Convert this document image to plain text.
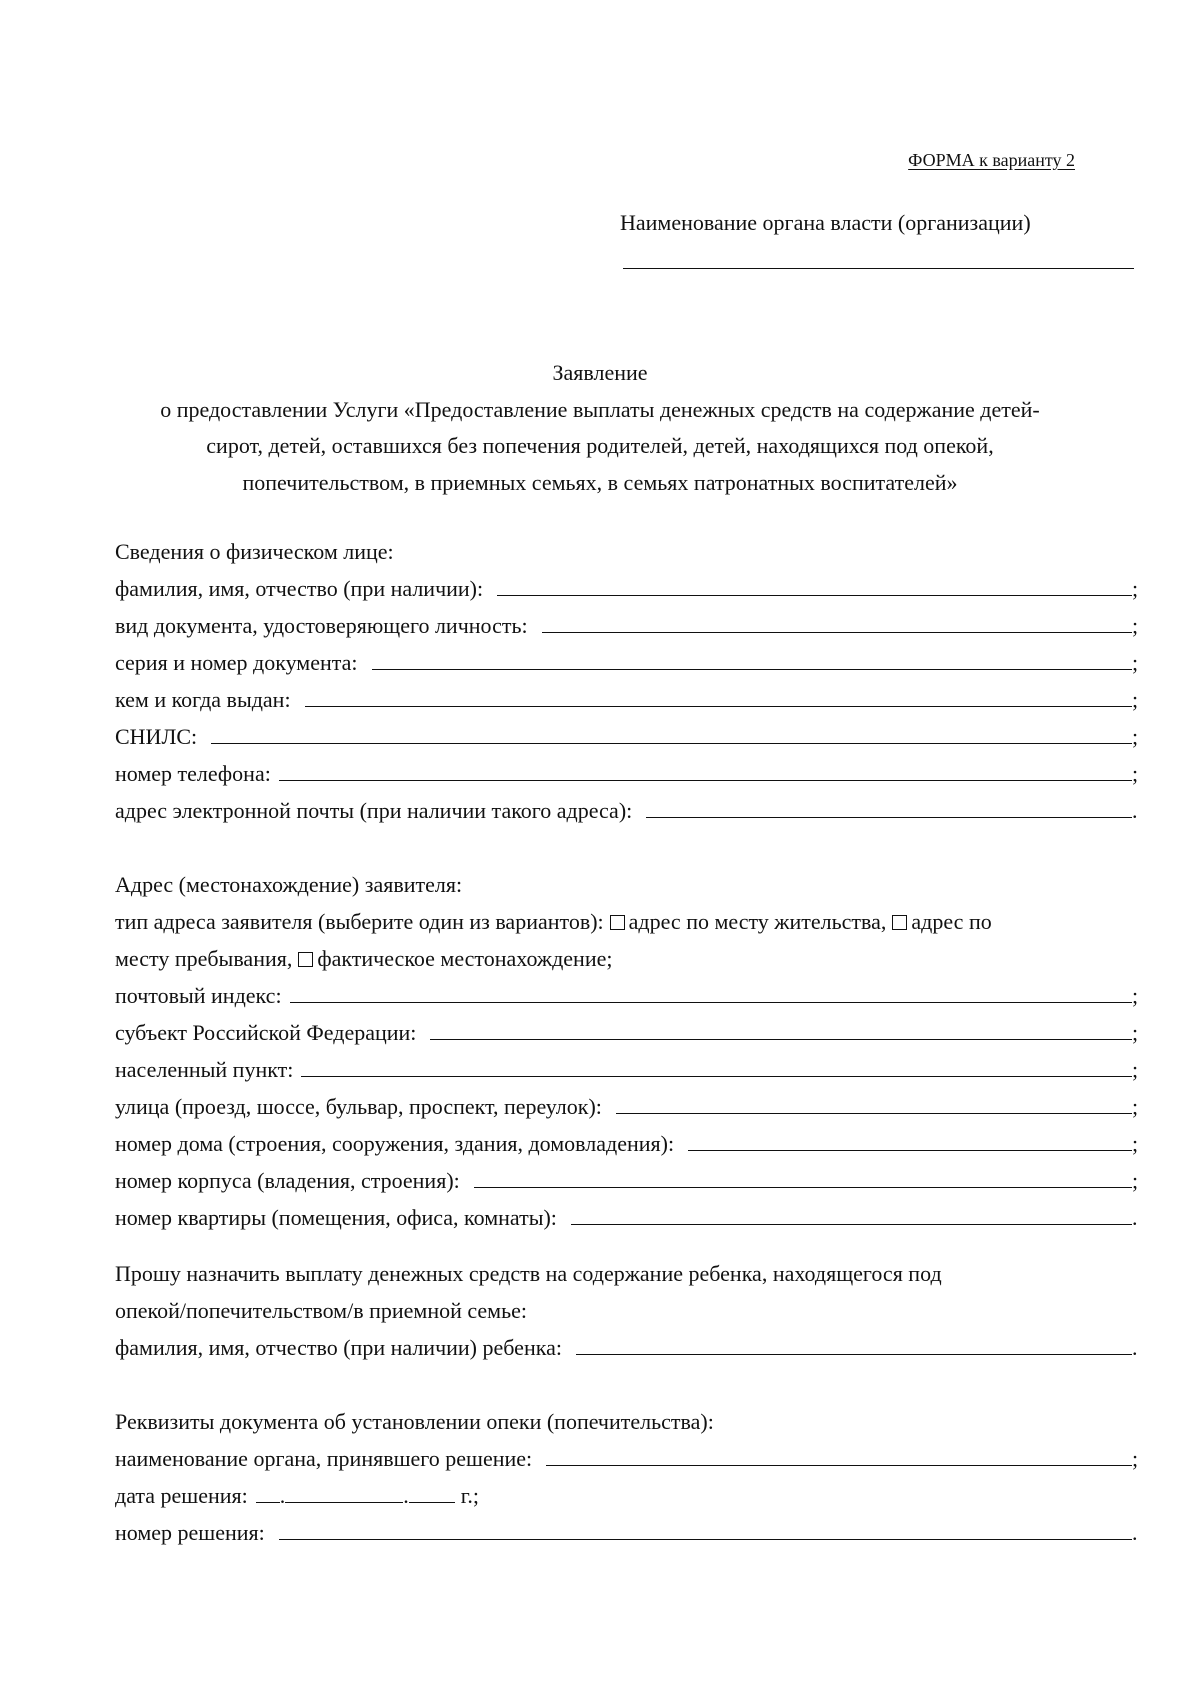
ФОРМА к варианту 2
Наименование органа власти (организации)
Заявление
о предоставлении Услуги «Предоставление выплаты денежных средств на содержание детей-
сирот, детей, оставшихся без попечения родителей, детей, находящихся под опекой,
попечительством, в приемных семьях, в семьях патронатных воспитателей»
Сведения о физическом лице:
фамилия, имя, отчество (при наличии):	;
вид документа, удостоверяющего личность:	;
серия и номер документа:	;
кем и когда выдан:	;
СНИЛС:	;
номер телефона:	;
адрес электронной почты (при наличии такого адреса):	.
Адрес (местонахождение) заявителя:
тип адреса заявителя (выберите один из вариантов): адрес по месту жительства, адрес по
месту пребывания, фактическое местонахождение;
почтовый индекс:	;
субъект Российской Федерации:	;
населенный пункт:	;
улица (проезд, шоссе, бульвар, проспект, переулок):	;
номер дома (строения, сооружения, здания, домовладения):	;
номер корпуса (владения, строения):	;
номер квартиры (помещения, офиса, комнаты):	.
Прошу назначить выплату денежных средств на содержание ребенка, находящегося под
опекой/попечительством/в приемной семье:
фамилия, имя, отчество (при наличии) ребенка:	.
Реквизиты документа об установлении опеки (попечительства):
наименование органа, принявшего решение:	;
дата решения: .	. г.;
номер решения:	.
